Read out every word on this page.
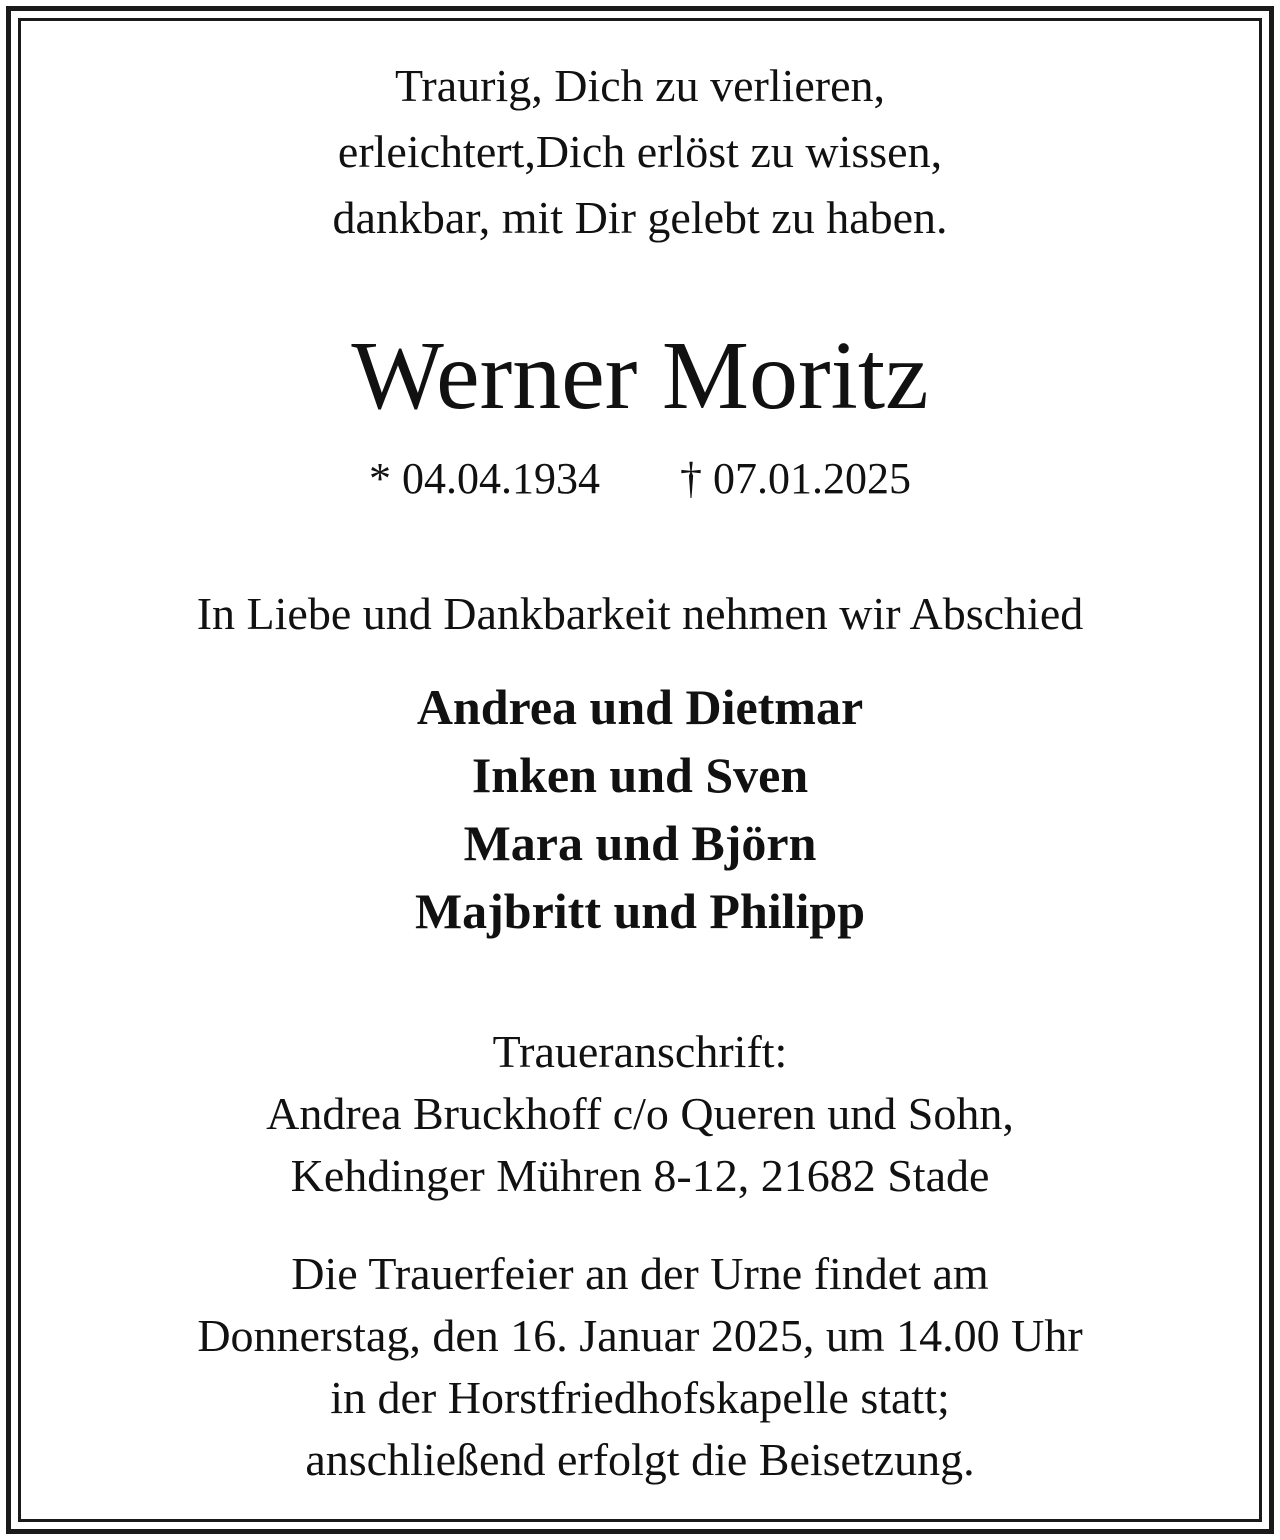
Traurig, Dich zu verlieren,
erleichtert,Dich erlöst zu wissen,
dankbar, mit Dir gelebt zu haben.
Werner Moritz
* 04.04.1934 † 07.01.2025
In Liebe und Dankbarkeit nehmen wir Abschied
Andrea und Dietmar
Inken und Sven
Mara und Björn
Majbritt und Philipp
Traueranschrift:
Andrea Bruckhoff c/o Queren und Sohn,
Kehdinger Mühren 8-12, 21682 Stade
Die Trauerfeier an der Urne findet am
Donnerstag, den 16. Januar 2025, um 14.00 Uhr
in der Horstfriedhofskapelle statt;
anschließend erfolgt die Beisetzung.
